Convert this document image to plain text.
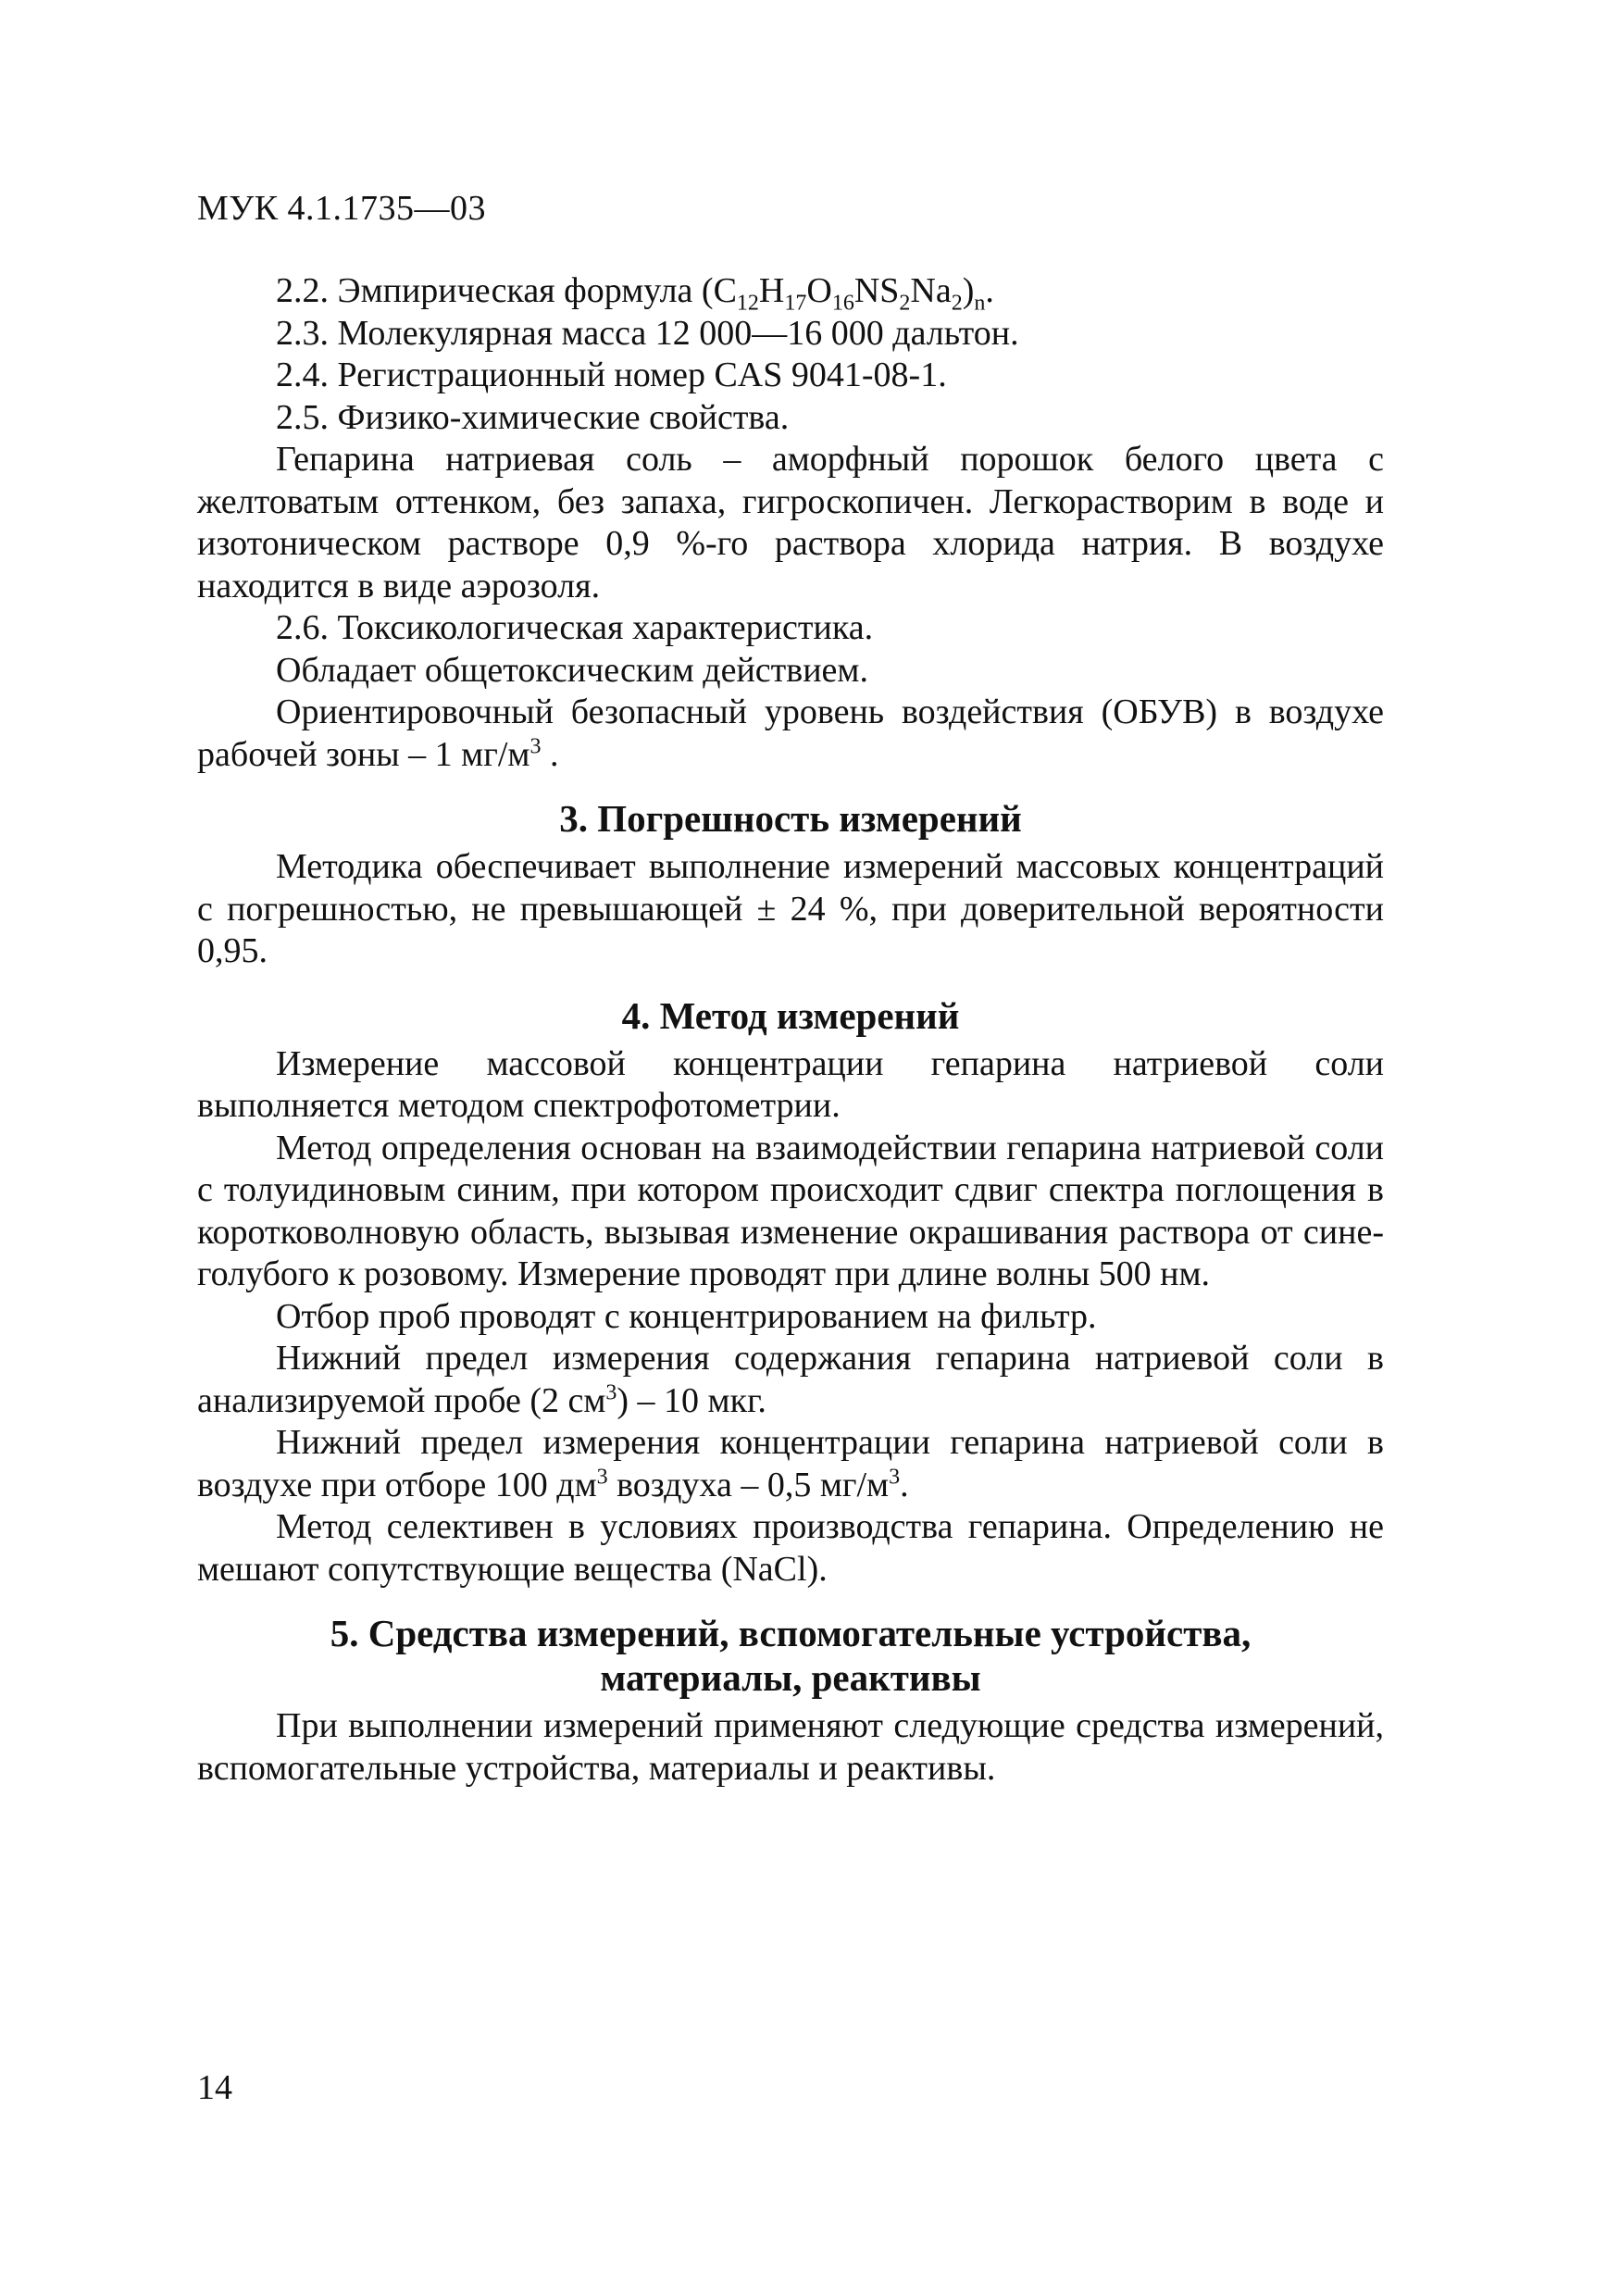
МУК 4.1.1735—03

2.2. Эмпирическая формула $(C_{12}H_{17}O_{16}NS_2Na_2)_n$.

2.3. Молекулярная масса 12 000—16 000 дальтон.

2.4. Регистрационный номер CAS 9041-08-1.

2.5. Физико-химические свойства.

Гепарина натриевая соль – аморфный порошок белого цвета с желтоватым оттенком, без запаха, гигроскопичен. Легкорастворим в воде и изотоническом растворе 0,9 %-го раствора хлорида натрия. В воздухе находится в виде аэрозоля.

2.6. Токсикологическая характеристика.

Обладает общетоксическим действием.

Ориентировочный безопасный уровень воздействия (ОБУВ) в воздухе рабочей зоны – 1 $мг/м^3$ .

3. Погрешность измерений

Методика обеспечивает выполнение измерений массовых концентраций с погрешностью, не превышающей ± 24 %, при доверительной вероятности 0,95.

4. Метод измерений

Измерение массовой концентрации гепарина натриевой соли выполняется методом спектрофотометрии.

Метод определения основан на взаимодействии гепарина натриевой соли с толуидиновым синим, при котором происходит сдвиг спектра поглощения в коротковолновую область, вызывая изменение окрашивания раствора от сине-голубого к розовому. Измерение проводят при длине волны 500 нм.

Отбор проб проводят с концентрированием на фильтр.

Нижний предел измерения содержания гепарина натриевой соли в анализируемой пробе (2 $см^3) - 10$ мкг.

Нижний предел измерения концентрации гепарина натриевой соли в воздухе при отборе 100 $дм^3$ воздуха – 0,5 $мг/м^3$.

Метод селективен в условиях производства гепарина. Определению не мешают сопутствующие вещества (NaCl).

5. Средства измерений, вспомогательные устройства,
материалы, реактивы

При выполнении измерений применяют следующие средства измерений, вспомогательные устройства, материалы и реактивы.

14
